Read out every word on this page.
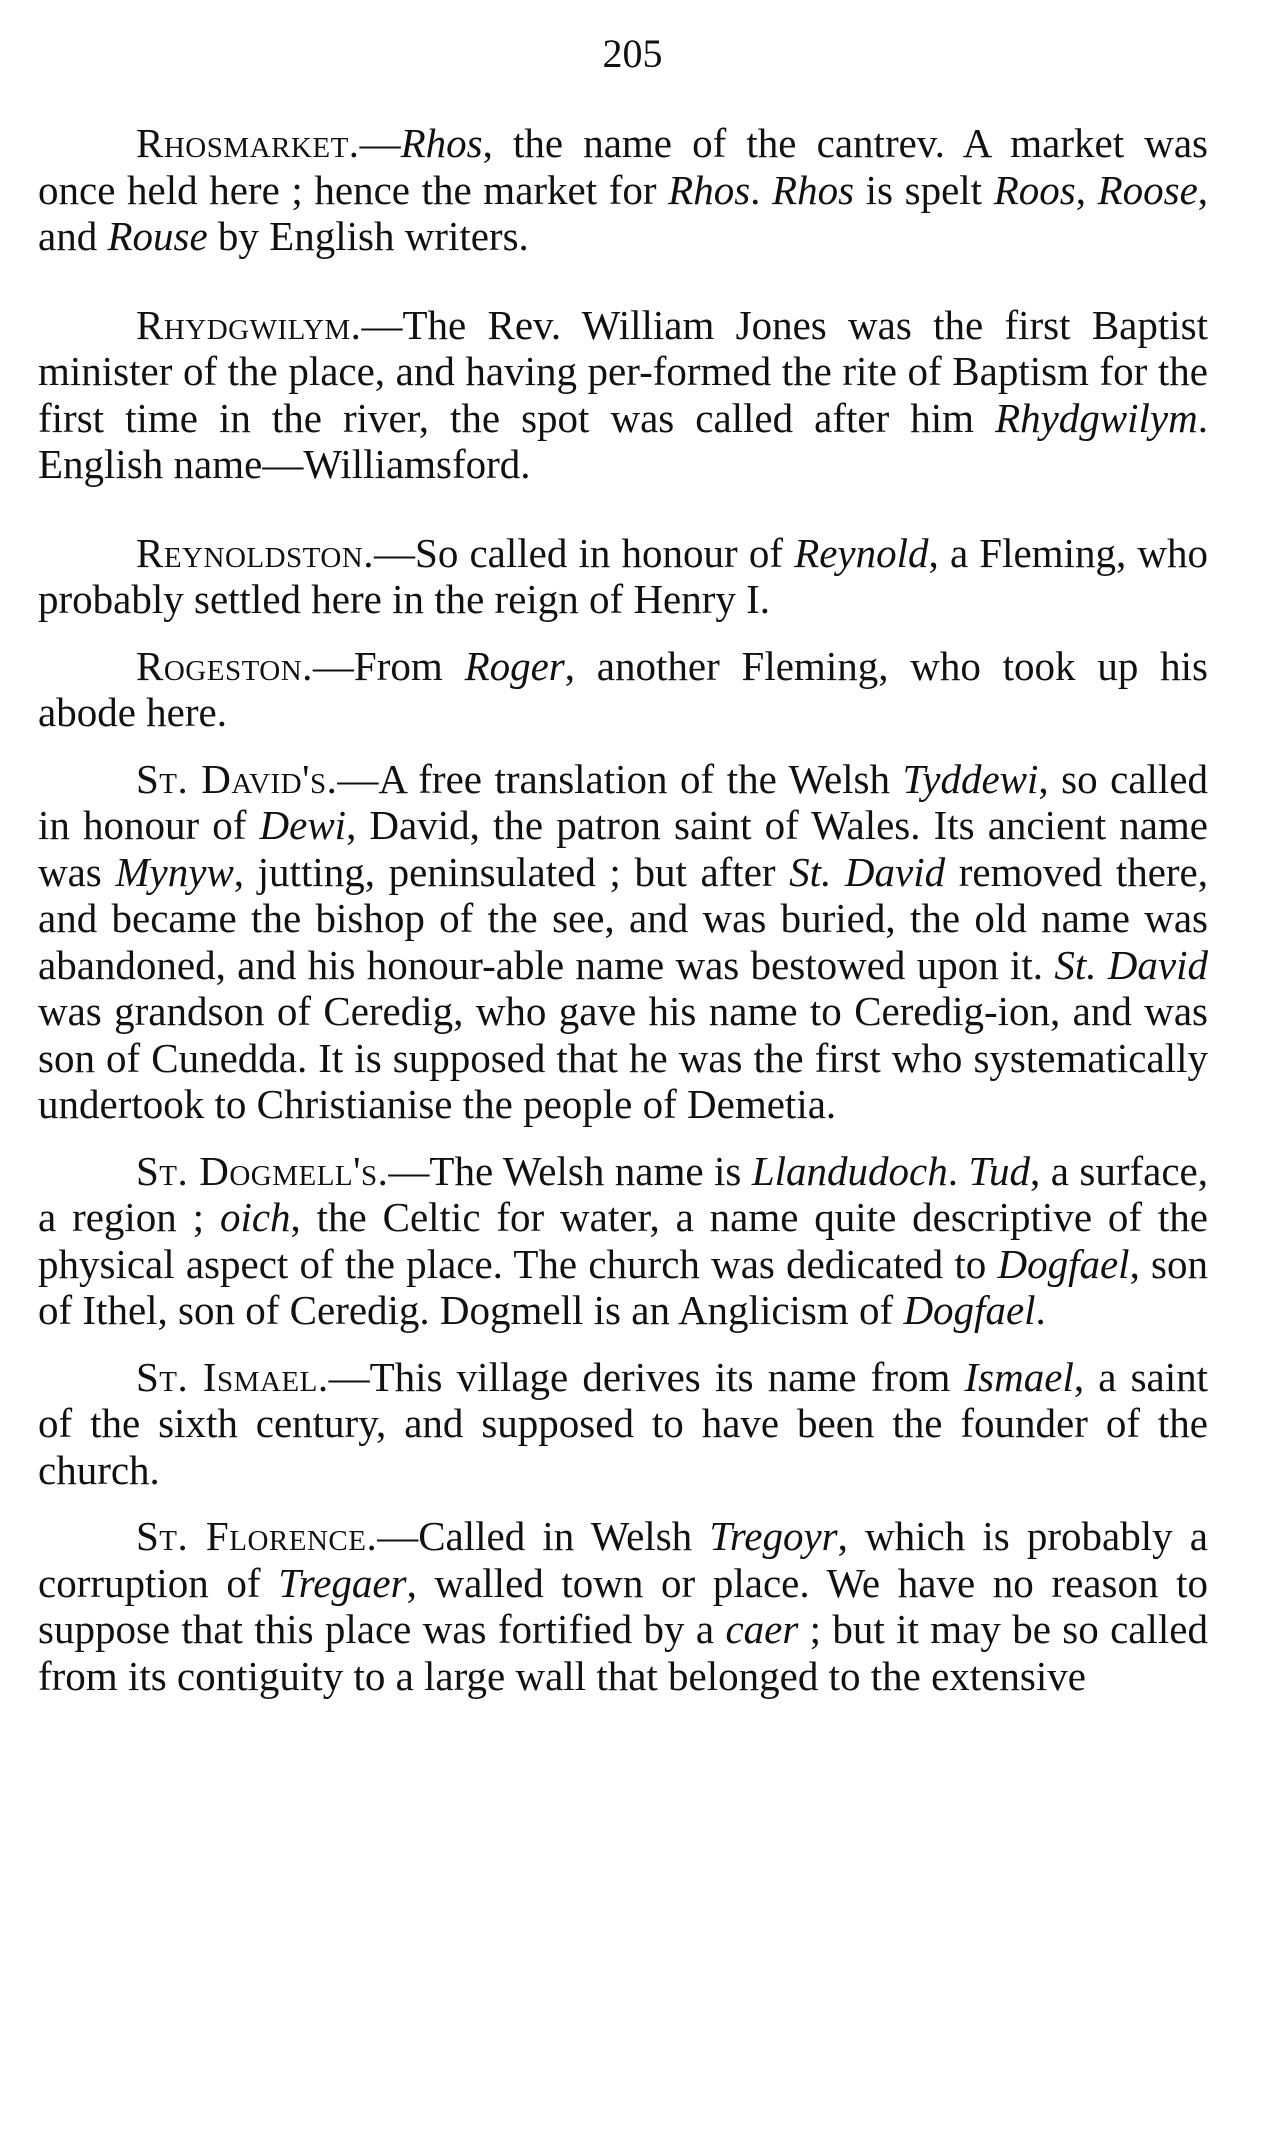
205

Rhosmarket.—Rhos, the name of the cantrev. A market was once held here ; hence the market for Rhos. Rhos is spelt Roos, Roose, and Rouse by English writers.

Rhydgwilym.—The Rev. William Jones was the first Baptist minister of the place, and having per-formed the rite of Baptism for the first time in the river, the spot was called after him Rhydgwilym. English name—Williamsford.

Reynoldston.—So called in honour of Reynold, a Fleming, who probably settled here in the reign of Henry I.

Rogeston.—From Roger, another Fleming, who took up his abode here.

St. David's.—A free translation of the Welsh Tyddewi, so called in honour of Dewi, David, the patron saint of Wales. Its ancient name was Mynyw, jutting, peninsulated ; but after St. David removed there, and became the bishop of the see, and was buried, the old name was abandoned, and his honour-able name was bestowed upon it. St. David was grandson of Ceredig, who gave his name to Ceredig-ion, and was son of Cunedda. It is supposed that he was the first who systematically undertook to Christianise the people of Demetia.

St. Dogmell's.—The Welsh name is Llandudoch. Tud, a surface, a region ; oich, the Celtic for water, a name quite descriptive of the physical aspect of the place. The church was dedicated to Dogfael, son of Ithel, son of Ceredig. Dogmell is an Anglicism of Dogfael.

St. Ismael.—This village derives its name from Ismael, a saint of the sixth century, and supposed to have been the founder of the church.

St. Florence.—Called in Welsh Tregoyr, which is probably a corruption of Tregaer, walled town or place. We have no reason to suppose that this place was fortified by a caer ; but it may be so called from its contiguity to a large wall that belonged to the extensive
